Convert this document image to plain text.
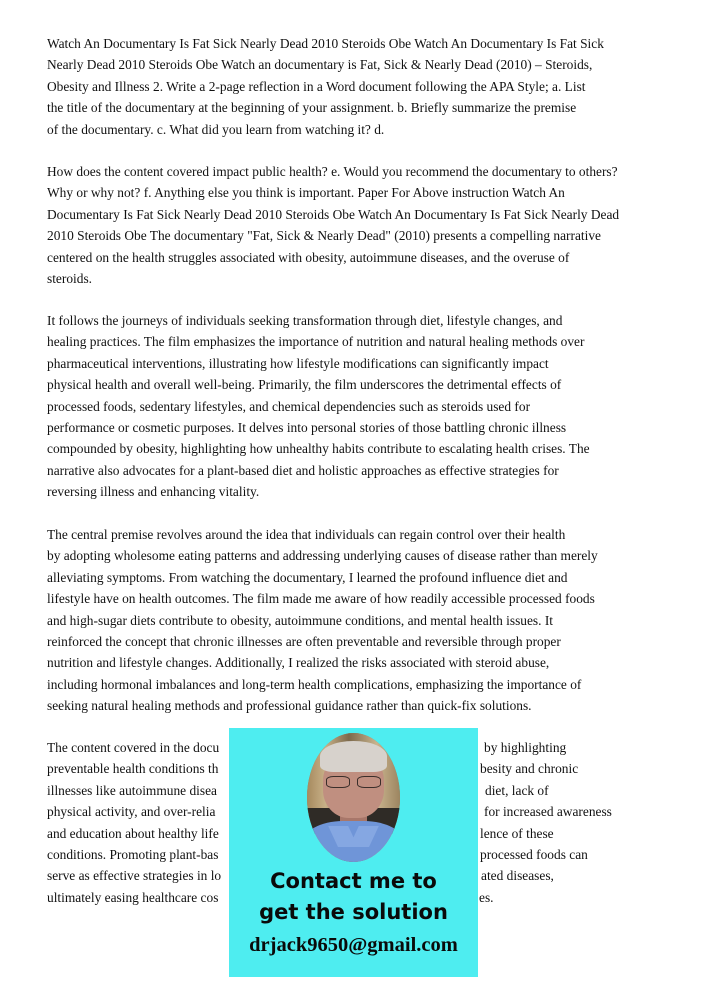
Watch An Documentary Is Fat Sick Nearly Dead 2010 Steroids Obe Watch An Documentary Is Fat Sick
Nearly Dead 2010 Steroids Obe Watch an documentary is Fat, Sick & Nearly Dead (2010) – Steroids,
Obesity and Illness 2. Write a 2-page reflection in a Word document following the APA Style; a. List
the title of the documentary at the beginning of your assignment. b. Briefly summarize the premise
of the documentary. c. What did you learn from watching it? d.
How does the content covered impact public health? e. Would you recommend the documentary to others?
Why or why not? f. Anything else you think is important. Paper For Above instruction Watch An
Documentary Is Fat Sick Nearly Dead 2010 Steroids Obe Watch An Documentary Is Fat Sick Nearly Dead
2010 Steroids Obe The documentary "Fat, Sick & Nearly Dead" (2010) presents a compelling narrative
centered on the health struggles associated with obesity, autoimmune diseases, and the overuse of
steroids.
It follows the journeys of individuals seeking transformation through diet, lifestyle changes, and
healing practices. The film emphasizes the importance of nutrition and natural healing methods over
pharmaceutical interventions, illustrating how lifestyle modifications can significantly impact
physical health and overall well-being. Primarily, the film underscores the detrimental effects of
processed foods, sedentary lifestyles, and chemical dependencies such as steroids used for
performance or cosmetic purposes. It delves into personal stories of those battling chronic illness
compounded by obesity, highlighting how unhealthy habits contribute to escalating health crises. The
narrative also advocates for a plant-based diet and holistic approaches as effective strategies for
reversing illness and enhancing vitality.
The central premise revolves around the idea that individuals can regain control over their health
by adopting wholesome eating patterns and addressing underlying causes of disease rather than merely
alleviating symptoms. From watching the documentary, I learned the profound influence diet and
lifestyle have on health outcomes. The film made me aware of how readily accessible processed foods
and high-sugar diets contribute to obesity, autoimmune conditions, and mental health issues. It
reinforced the concept that chronic illnesses are often preventable and reversible through proper
nutrition and lifestyle changes. Additionally, I realized the risks associated with steroid abuse,
including hormonal imbalances and long-term health complications, emphasizing the importance of
seeking natural healing methods and professional guidance rather than quick-fix solutions.
The content covered in the docu	by highlighting
preventable health conditions th	besity and chronic
illnesses like autoimmune disea	diet, lack of
physical activity, and over-relia	for increased awareness
and education about healthy life	lence of these
conditions. Promoting plant-bas	processed foods can
serve as effective strategies in lo	ated diseases,
ultimately easing healthcare cos	es.
Contact me to
get the solution
drjack9650@gmail.com
